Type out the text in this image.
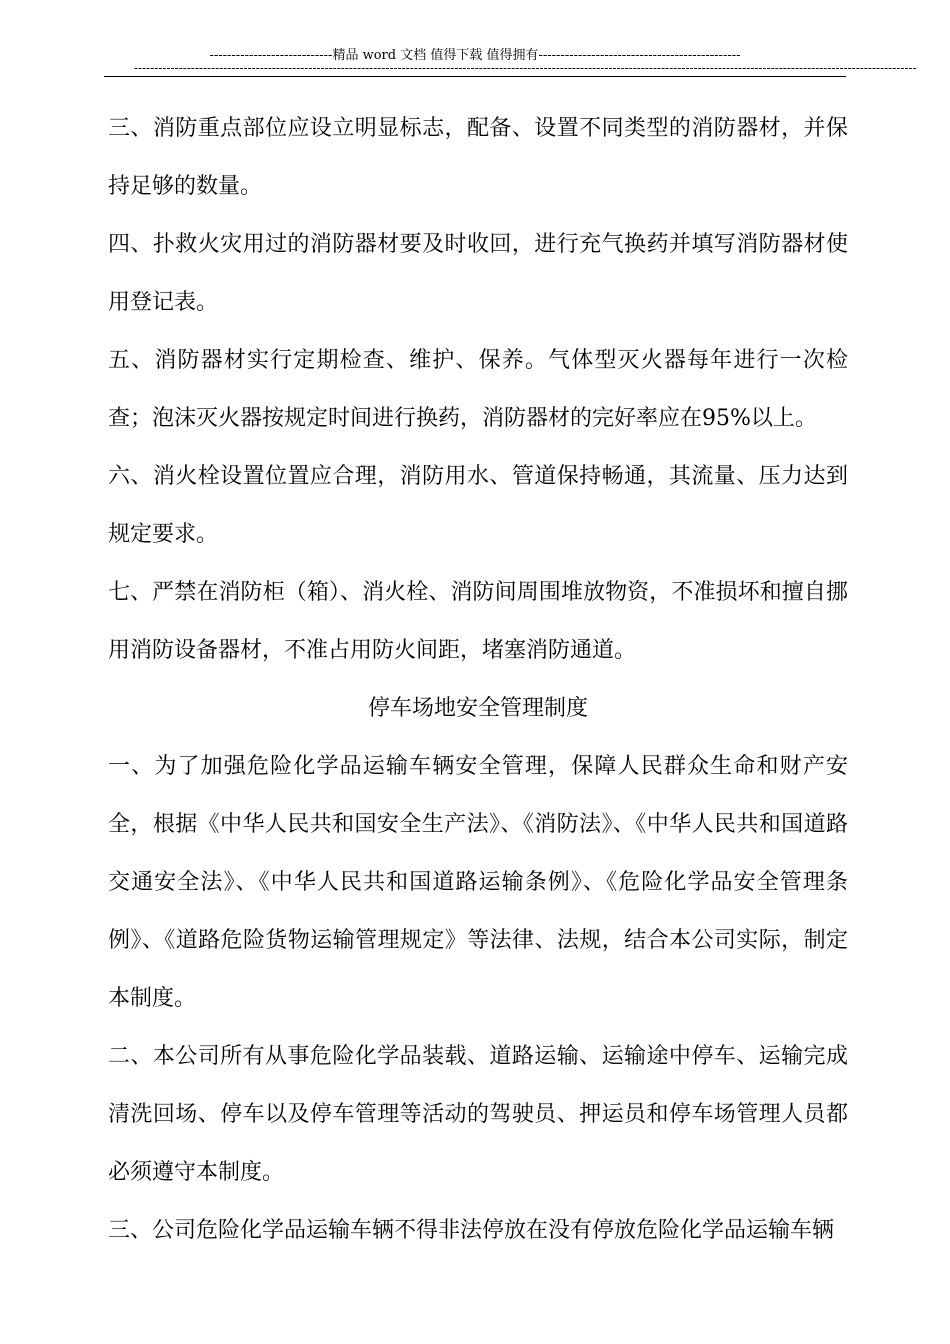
----------------------------精品 word 文档 值得下载 值得拥有----------------------------------------------
-------------------------------------------------------------------------------------------------------------------------------------------------------------------------------------------------

三、消防重点部位应设立明显标志，配备、设置不同类型的消防器材，并保持足够的数量。

四、扑救火灾用过的消防器材要及时收回，进行充气换药并填写消防器材使用登记表。

五、消防器材实行定期检查、维护、保养。气体型灭火器每年进行一次检查；泡沫灭火器按规定时间进行换药，消防器材的完好率应在95%以上。

六、消火栓设置位置应合理，消防用水、管道保持畅通，其流量、压力达到规定要求。

七、严禁在消防柜（箱）、消火栓、消防间周围堆放物资，不准损坏和擅自挪用消防设备器材，不准占用防火间距，堵塞消防通道。

停车场地安全管理制度

一、为了加强危险化学品运输车辆安全管理，保障人民群众生命和财产安全，根据《中华人民共和国安全生产法》、《消防法》、《中华人民共和国道路交通安全法》、《中华人民共和国道路运输条例》、《危险化学品安全管理条例》、《道路危险货物运输管理规定》等法律、法规，结合本公司实际，制定本制度。

二、本公司所有从事危险化学品装载、道路运输、运输途中停车、运输完成清洗回场、停车以及停车管理等活动的驾驶员、押运员和停车场管理人员都必须遵守本制度。

三、公司危险化学品运输车辆不得非法停放在没有停放危险化学品运输车辆
